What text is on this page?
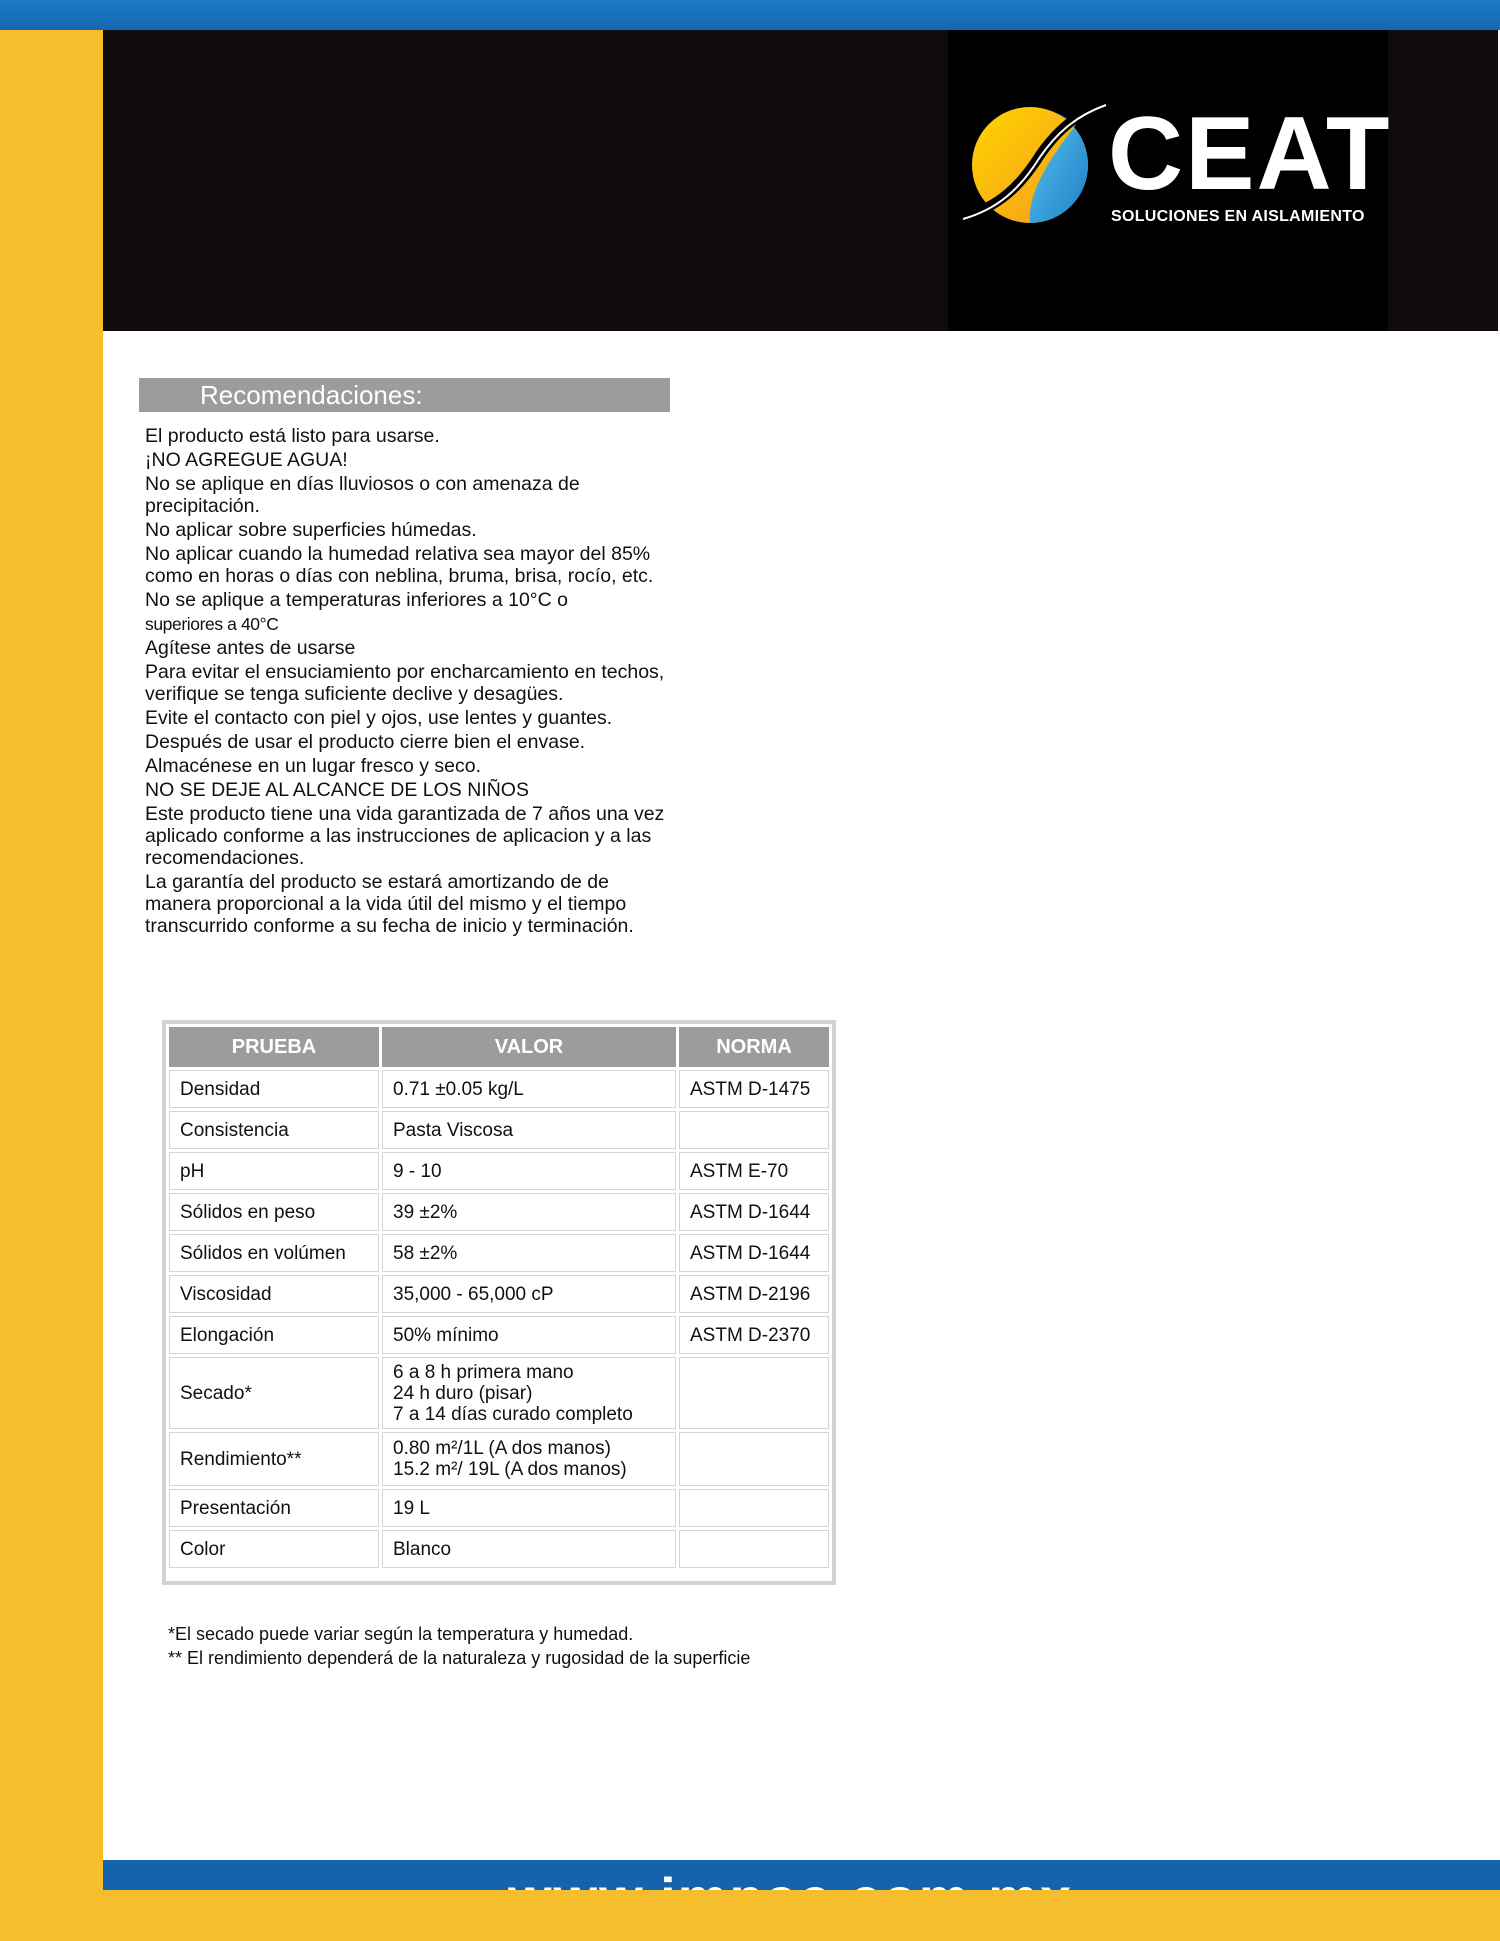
CEAT
SOLUCIONES EN AISLAMIENTO
Recomendaciones:
El producto está listo para usarse.
¡NO AGREGUE AGUA!
No se aplique en días lluviosos o con amenaza de precipitación.
No aplicar sobre superficies húmedas.
No aplicar cuando la humedad relativa sea mayor del 85% como en horas o días con neblina, bruma, brisa, rocío, etc.
No se aplique a temperaturas inferiores a 10°C o
superiores a 40°C
Agítese antes de usarse
Para evitar el ensuciamiento por encharcamiento en techos, verifique se tenga suficiente declive y desagües.
Evite el contacto con piel y ojos, use lentes y guantes.
Después de usar el producto cierre bien el envase.
Almacénese en un lugar fresco y seco.
NO SE DEJE AL ALCANCE DE LOS NIÑOS
Este producto tiene una vida garantizada de 7 años una vez aplicado conforme a las instrucciones de aplicacion y a las recomendaciones.
La garantía del producto se estará amortizando de de manera proporcional a la vida útil del mismo y el tiempo transcurrido conforme a su fecha de inicio y terminación.
PRUEBA	VALOR	NORMA
Densidad	0.71 ±0.05 kg/L	ASTM D-1475
Consistencia	Pasta Viscosa	
pH	9 - 10	ASTM E-70
Sólidos en peso	39 ±2%	ASTM D-1644
Sólidos en volúmen	58 ±2%	ASTM D-1644
Viscosidad	35,000 - 65,000 cP	ASTM D-2196
Elongación	50% mínimo	ASTM D-2370
Secado*	6 a 8 h primera mano
24 h duro (pisar)
7 a 14 días curado completo	
Rendimiento**	0.80 m²/1L (A dos manos)
15.2 m²/ 19L (A dos manos)	
Presentación	19 L	
Color	Blanco	
*El secado puede variar según la temperatura y humedad.
** El rendimiento dependerá de la naturaleza y rugosidad de la superficie
